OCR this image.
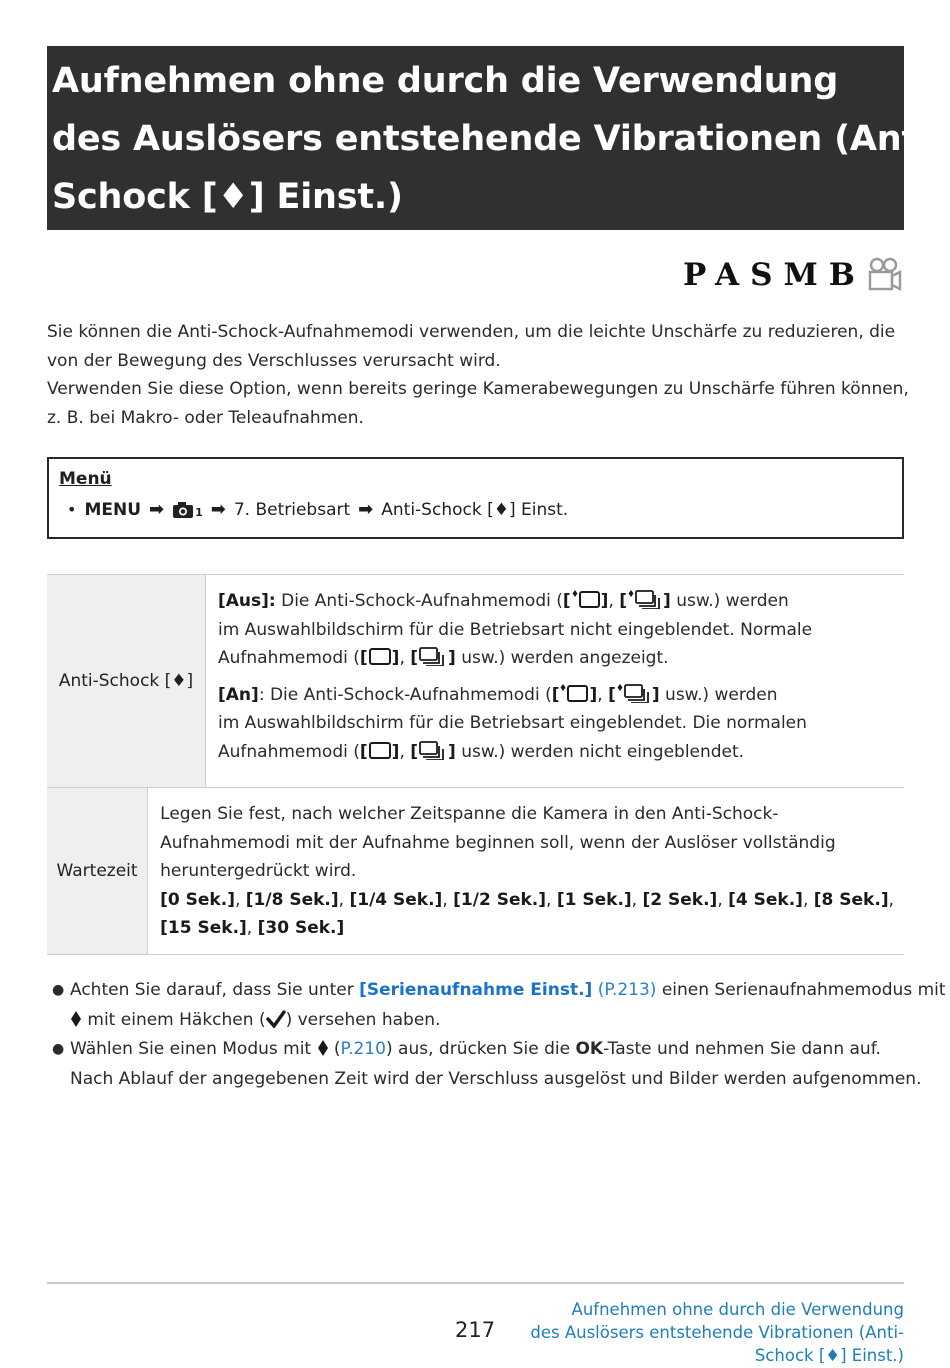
Aufnehmen ohne durch die Verwendung
des Auslösers entstehende Vibrationen (Anti-
Schock [♦] Einst.)
PASMB

Sie können die Anti-Schock-Aufnahmemodi verwenden, um die leichte Unschärfe zu reduzieren, die

von der Bewegung des Verschlusses verursacht wird.

Verwenden Sie diese Option, wenn bereits geringe Kamerabewegungen zu Unschärfe führen können,

z. B. bei Makro- oder Teleaufnahmen.

Menü
• MENU ➡	1 ➡ 7. Betriebsart ➡ Anti-Schock [♦] Einst.
Anti-Schock [♦]
[Aus]: Die Anti-Schock-Aufnahmemodi ([ ], [ ] usw.) werden
im Auswahlbildschirm für die Betriebsart nicht eingeblendet. Normale
Aufnahmemodi ([ ], [ ] usw.) werden angezeigt.
[An]: Die Anti-Schock-Aufnahmemodi ([ ], [ ] usw.) werden
im Auswahlbildschirm für die Betriebsart eingeblendet. Die normalen
Aufnahmemodi ([ ], [ ] usw.) werden nicht eingeblendet.
Wartezeit
Legen Sie fest, nach welcher Zeitspanne die Kamera in den Anti-Schock-
Aufnahmemodi mit der Aufnahme beginnen soll, wenn der Auslöser vollständig
heruntergedrückt wird.
[0 Sek.], [1/8 Sek.], [1/4 Sek.], [1/2 Sek.], [1 Sek.], [2 Sek.], [4 Sek.], [8 Sek.],
[15 Sek.], [30 Sek.]
● Achten Sie darauf, dass Sie unter [Serienaufnahme Einst.] (P.213) einen Serienaufnahmemodus mit
mit einem Häkchen ( ) versehen haben.
● Wählen Sie einen Modus mit  (P.210) aus, drücken Sie die OK-Taste und nehmen Sie dann auf.
Nach Ablauf der angegebenen Zeit wird der Verschluss ausgelöst und Bilder werden aufgenommen.
217
Aufnehmen ohne durch die Verwendung
des Auslösers entstehende Vibrationen (Anti-
Schock [♦] Einst.)
